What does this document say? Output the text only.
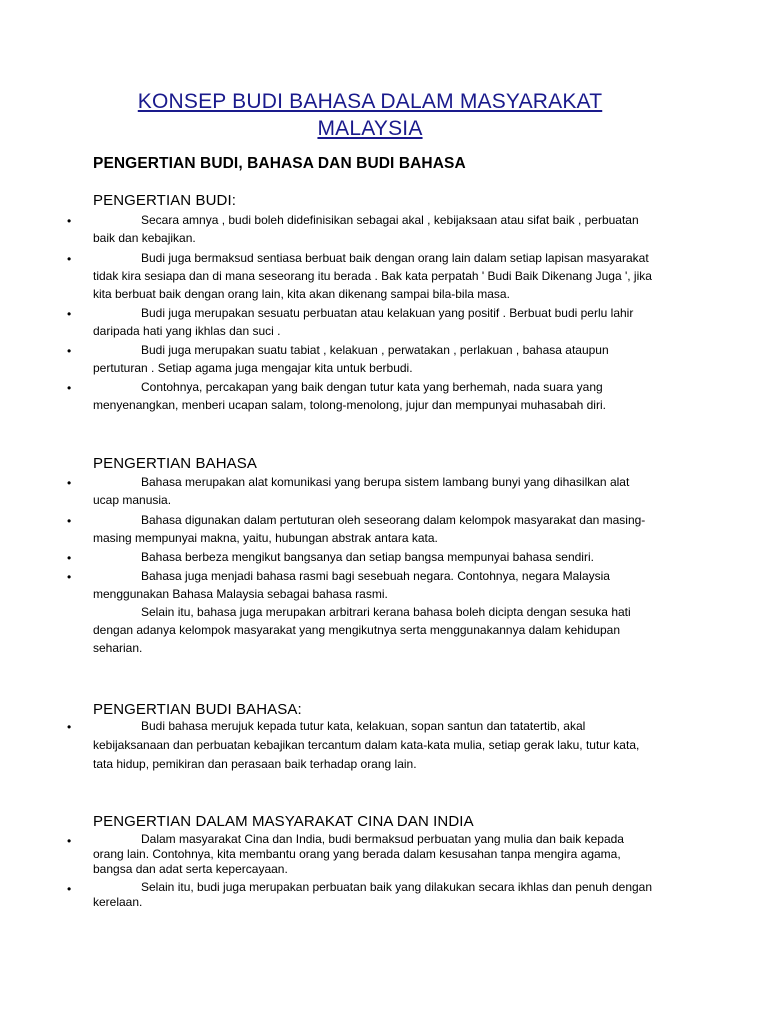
KONSEP BUDI BAHASA DALAM MASYARAKAT MALAYSIA
PENGERTIAN BUDI, BAHASA DAN BUDI BAHASA
PENGERTIAN BUDI:
•	Secara amnya , budi boleh didefinisikan sebagai akal , kebijaksaan atau sifat baik , perbuatan baik dan kebajikan.
•	Budi juga bermaksud sentiasa berbuat baik dengan orang lain dalam setiap lapisan masyarakat tidak kira sesiapa dan di mana seseorang itu berada . Bak kata perpatah ' Budi Baik Dikenang Juga ', jika kita berbuat baik dengan orang lain, kita akan dikenang sampai bila-bila masa.
•	Budi juga merupakan sesuatu perbuatan atau kelakuan yang positif . Berbuat budi perlu lahir daripada hati yang ikhlas dan suci .
•	Budi juga merupakan suatu tabiat , kelakuan , perwatakan , perlakuan , bahasa ataupun pertuturan . Setiap agama juga mengajar kita untuk berbudi.
•	Contohnya, percakapan yang baik dengan tutur kata yang berhemah, nada suara yang menyenangkan, menberi ucapan salam, tolong-menolong, jujur dan mempunyai muhasabah diri.
PENGERTIAN BAHASA
•	Bahasa merupakan alat komunikasi yang berupa sistem lambang bunyi yang dihasilkan alat ucap manusia.
•	Bahasa digunakan dalam pertuturan oleh seseorang dalam kelompok masyarakat dan masing-masing mempunyai makna, yaitu, hubungan abstrak antara kata.
•	Bahasa berbeza mengikut bangsanya dan setiap bangsa mempunyai bahasa sendiri.
•	Bahasa juga menjadi bahasa rasmi bagi sesebuah negara. Contohnya, negara Malaysia menggunakan Bahasa Malaysia sebagai bahasa rasmi.
Selain itu, bahasa juga merupakan arbitrari kerana bahasa boleh dicipta dengan sesuka hati dengan adanya kelompok masyarakat yang mengikutnya serta menggunakannya dalam kehidupan seharian.
PENGERTIAN BUDI BAHASA:
•	Budi bahasa merujuk kepada tutur kata, kelakuan, sopan santun dan tatatertib, akal kebijaksanaan dan perbuatan kebajikan tercantum dalam kata-kata mulia, setiap gerak laku, tutur kata, tata hidup, pemikiran dan perasaan baik terhadap orang lain.
PENGERTIAN DALAM MASYARAKAT CINA DAN INDIA
•	Dalam masyarakat Cina dan India, budi bermaksud perbuatan yang mulia dan baik kepada orang lain. Contohnya, kita membantu orang yang berada dalam kesusahan tanpa mengira agama, bangsa dan adat serta kepercayaan.
•	Selain itu, budi juga merupakan perbuatan baik yang dilakukan secara ikhlas dan penuh dengan kerelaan.
